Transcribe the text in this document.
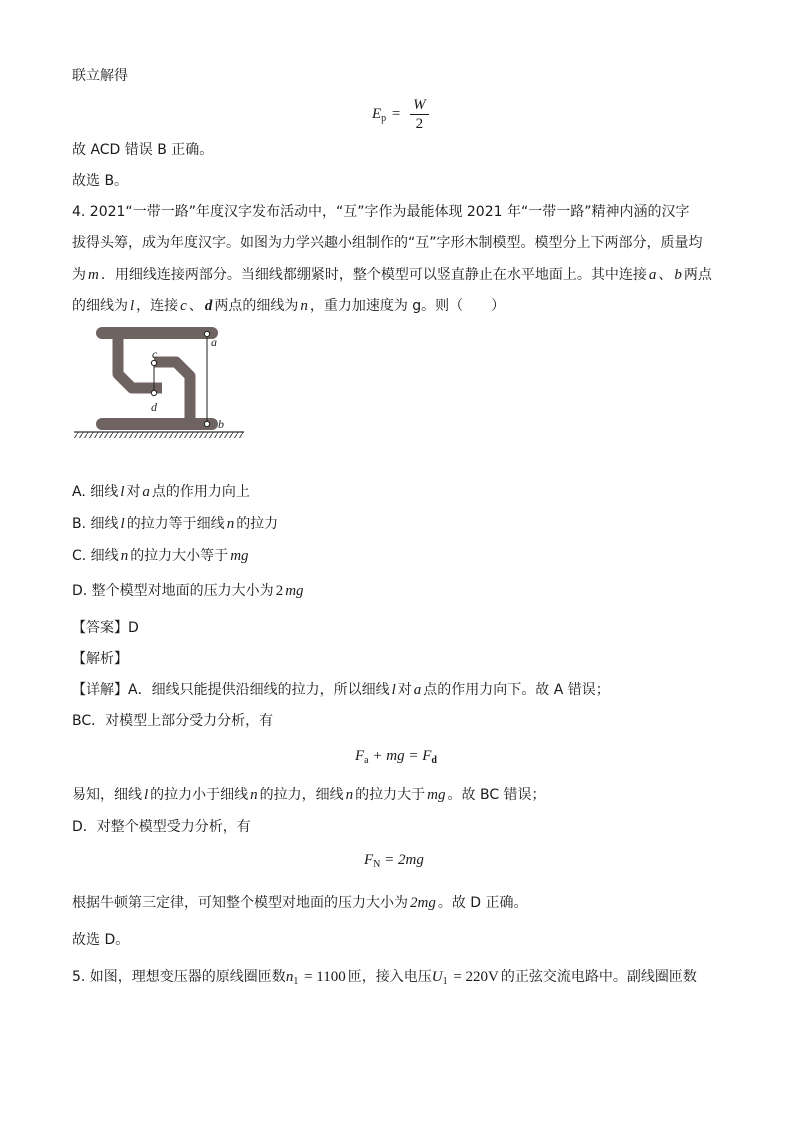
联立解得
$E_p = \frac{W}{2}$
故 ACD 错误 B 正确。
故选 B。
4. 2021“一带一路”年度汉字发布活动中，“互”字作为最能体现 2021 年“一带一路”精神内涵的汉字
拔得头筹，成为年度汉字。如图为力学兴趣小组制作的“互”字形木制模型。模型分上下两部分，质量均
为 m ．用细线连接两部分。当细线都绷紧时，整个模型可以竖直静止在水平地面上。其中连接 a 、 b 两点
的细线为 l ，连接 c 、 d 两点的细线为 n ，重力加速度为 g。则（　　）
a
b
c
d
A. 细线 l 对 a 点的作用力向上
B. 细线 l 的拉力等于细线 n 的拉力
C. 细线 n 的拉力大小等于 mg
D. 整个模型对地面的压力大小为 2 mg
【答案】D
【解析】
【详解】A．细线只能提供沿细线的拉力，所以细线 l 对 a 点的作用力向下。故 A 错误；
BC．对模型上部分受力分析，有
$F_a$ + mg = $F_d$
易知，细线 l 的拉力小于细线 n 的拉力，细线 n 的拉力大于 mg 。故 BC 错误；
D．对整个模型受力分析，有
$F_N = 2mg$
根据牛顿第三定律，可知整个模型对地面的压力大小为 2mg 。故 D 正确。
故选 D。
5. 如图，理想变压器的原线圈匝数$n_1 = 1100$ 匝，接入电压$U_1 = 220V$ 的正弦交流电路中。副线圈匝数
